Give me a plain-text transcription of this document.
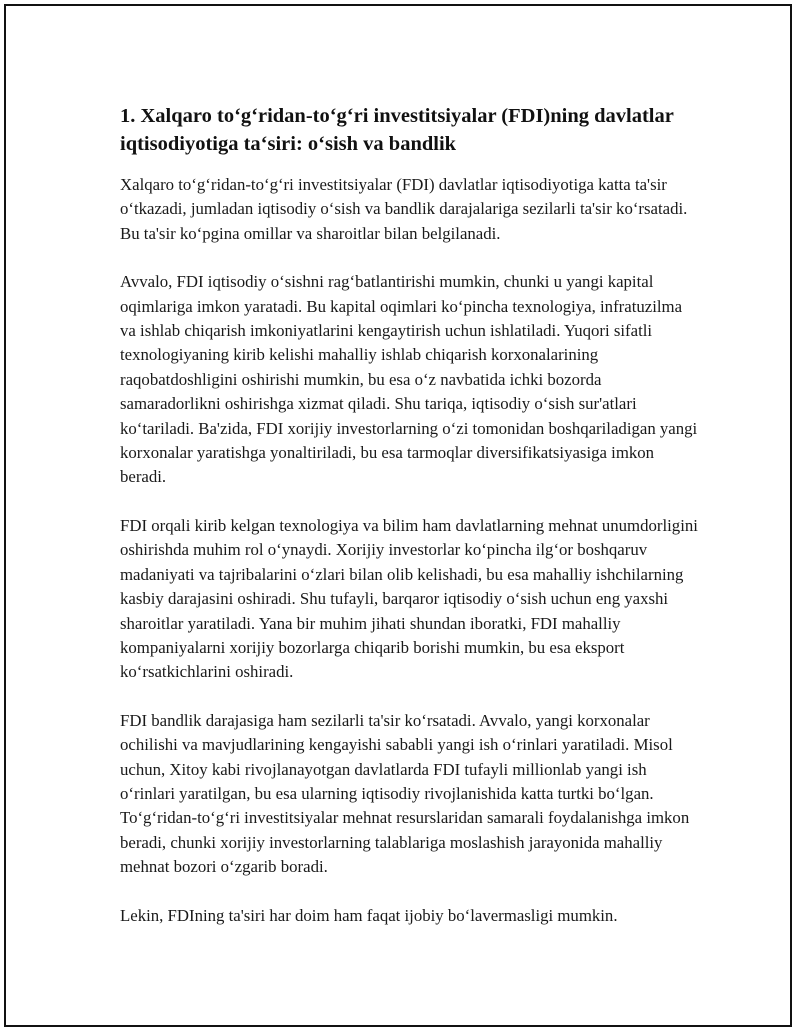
1. Xalqaro to‘g‘ridan-to‘g‘ri investitsiyalar (FDI)ning davlatlar iqtisodiyotiga ta‘siri: o‘sish va bandlik

Xalqaro to‘g‘ridan-to‘g‘ri investitsiyalar (FDI) davlatlar iqtisodiyotiga katta ta'sir o‘tkazadi, jumladan iqtisodiy o‘sish va bandlik darajalariga sezilarli ta'sir ko‘rsatadi. Bu ta'sir ko‘pgina omillar va sharoitlar bilan belgilanadi.

Avvalo, FDI iqtisodiy o‘sishni rag‘batlantirishi mumkin, chunki u yangi kapital oqimlariga imkon yaratadi. Bu kapital oqimlari ko‘pincha texnologiya, infratuzilma va ishlab chiqarish imkoniyatlarini kengaytirish uchun ishlatiladi. Yuqori sifatli texnologiyaning kirib kelishi mahalliy ishlab chiqarish korxonalarining raqobatdoshligini oshirishi mumkin, bu esa o‘z navbatida ichki bozorda samaradorlikni oshirishga xizmat qiladi. Shu tariqa, iqtisodiy o‘sish sur'atlari ko‘tariladi. Ba'zida, FDI xorijiy investorlarning o‘zi tomonidan boshqariladigan yangi korxonalar yaratishga yonaltiriladi, bu esa tarmoqlar diversifikatsiyasiga imkon beradi.

FDI orqali kirib kelgan texnologiya va bilim ham davlatlarning mehnat unumdorligini oshirishda muhim rol o‘ynaydi. Xorijiy investorlar ko‘pincha ilg‘or boshqaruv madaniyati va tajribalarini o‘zlari bilan olib kelishadi, bu esa mahalliy ishchilarning kasbiy darajasini oshiradi. Shu tufayli, barqaror iqtisodiy o‘sish uchun eng yaxshi sharoitlar yaratiladi. Yana bir muhim jihati shundan iboratki, FDI mahalliy kompaniyalarni xorijiy bozorlarga chiqarib borishi mumkin, bu esa eksport ko‘rsatkichlarini oshiradi.

FDI bandlik darajasiga ham sezilarli ta'sir ko‘rsatadi. Avvalo, yangi korxonalar ochilishi va mavjudlarining kengayishi sababli yangi ish o‘rinlari yaratiladi. Misol uchun, Xitoy kabi rivojlanayotgan davlatlarda FDI tufayli millionlab yangi ish o‘rinlari yaratilgan, bu esa ularning iqtisodiy rivojlanishida katta turtki bo‘lgan. To‘g‘ridan-to‘g‘ri investitsiyalar mehnat resurslaridan samarali foydalanishga imkon beradi, chunki xorijiy investorlarning talablariga moslashish jarayonida mahalliy mehnat bozori o‘zgarib boradi.

Lekin, FDIning ta'siri har doim ham faqat ijobiy bo‘lavermasligi mumkin.
